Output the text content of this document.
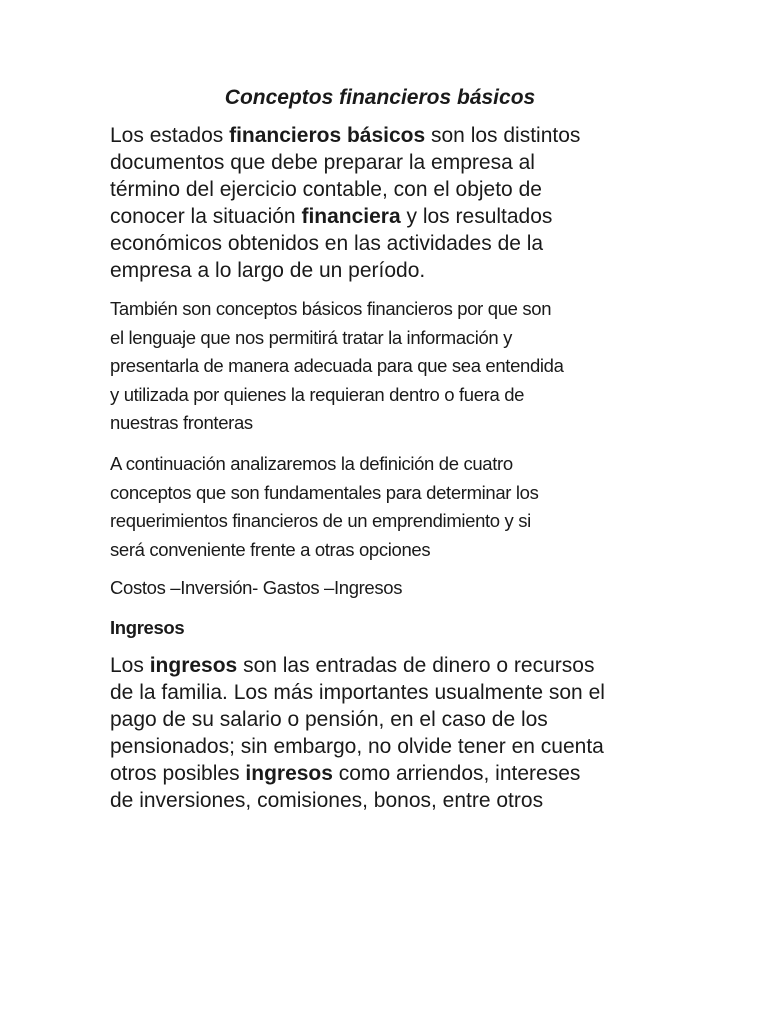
Conceptos financieros básicos
Los estados financieros básicos son los distintos
documentos que debe preparar la empresa al
término del ejercicio contable, con el objeto de
conocer la situación financiera y los resultados
económicos obtenidos en las actividades de la
empresa a lo largo de un período.
También son conceptos básicos financieros por que son
el lenguaje que nos permitirá tratar la información y
presentarla de manera adecuada para que sea entendida
y utilizada por quienes la requieran dentro o fuera de
nuestras fronteras
A continuación analizaremos la definición de cuatro
conceptos que son fundamentales para determinar los
requerimientos financieros de un emprendimiento y si
será conveniente frente a otras opciones
Costos –Inversión- Gastos –Ingresos
Ingresos
Los ingresos son las entradas de dinero o recursos
de la familia. Los más importantes usualmente son el
pago de su salario o pensión, en el caso de los
pensionados; sin embargo, no olvide tener en cuenta
otros posibles ingresos como arriendos, intereses
de inversiones, comisiones, bonos, entre otros
